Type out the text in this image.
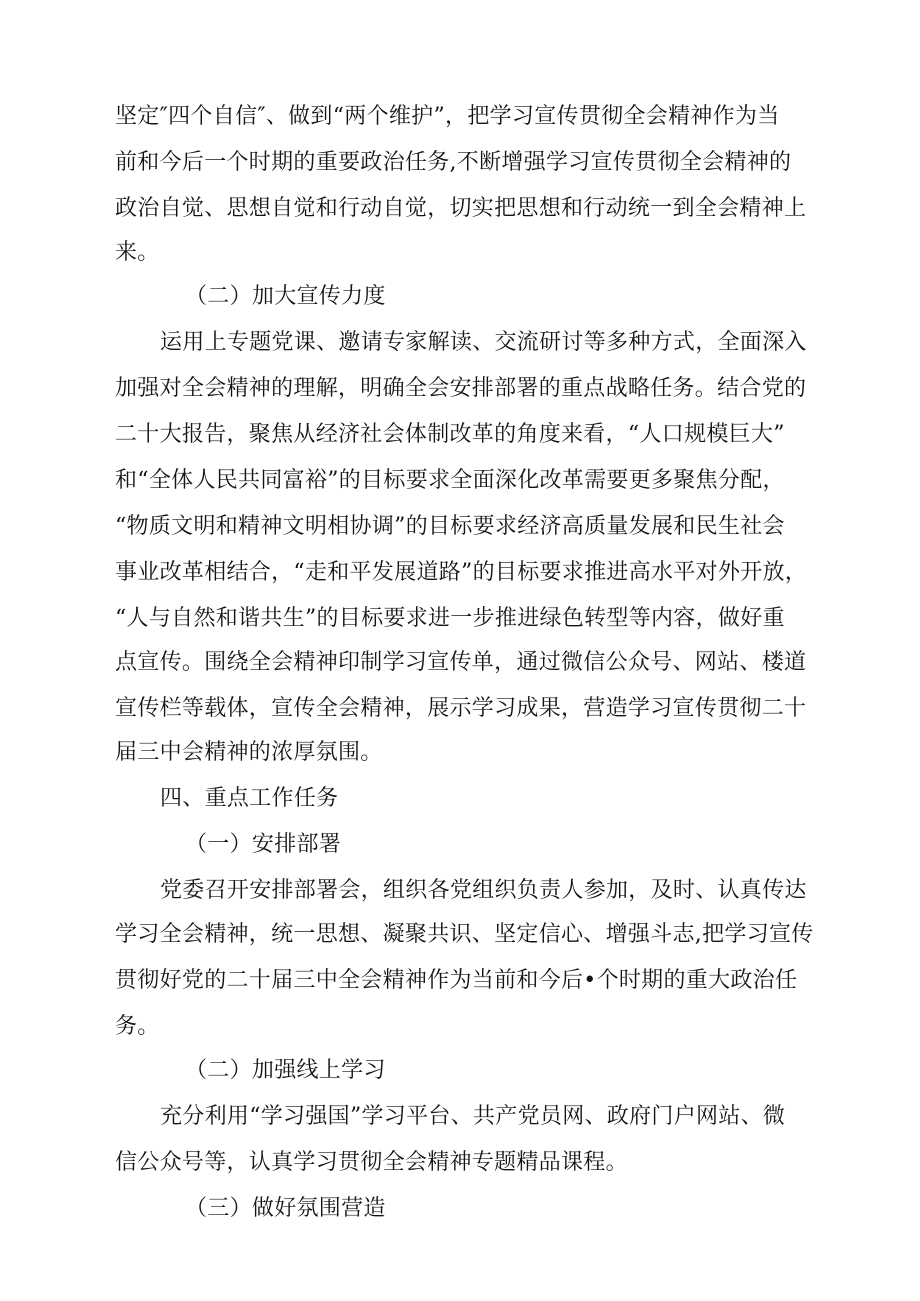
坚定″四个自信″、做到“两个维护”，把学习宣传贯彻全会精神作为当
前和今后一个时期的重要政治任务,不断增强学习宣传贯彻全会精神的
政治自觉、思想自觉和行动自觉，切实把思想和行动统一到全会精神上
来。
（二）加大宣传力度
运用上专题党课、邀请专家解读、交流研讨等多种方式，全面深入
加强对全会精神的理解，明确全会安排部署的重点战略任务。结合党的
二十大报告，聚焦从经济社会体制改革的角度来看，“人口规模巨大”
和“全体人民共同富裕”的目标要求全面深化改革需要更多聚焦分配，
“物质文明和精神文明相协调”的目标要求经济高质量发展和民生社会
事业改革相结合，“走和平发展道路”的目标要求推进高水平对外开放，
“人与自然和谐共生”的目标要求进一步推进绿色转型等内容，做好重
点宣传。围绕全会精神印制学习宣传单，通过微信公众号、网站、楼道
宣传栏等载体，宣传全会精神，展示学习成果，营造学习宣传贯彻二十
届三中会精神的浓厚氛围。
四、重点工作任务
（一）安排部署
党委召开安排部署会，组织各党组织负责人参加，及时、认真传达
学习全会精神，统一思想、凝聚共识、坚定信心、增强斗志,把学习宣传
贯彻好党的二十届三中全会精神作为当前和今后•个时期的重大政治任
务。
（二）加强线上学习
充分利用“学习强国”学习平台、共产党员网、政府门户网站、微
信公众号等，认真学习贯彻全会精神专题精品课程。
（三）做好氛围营造
